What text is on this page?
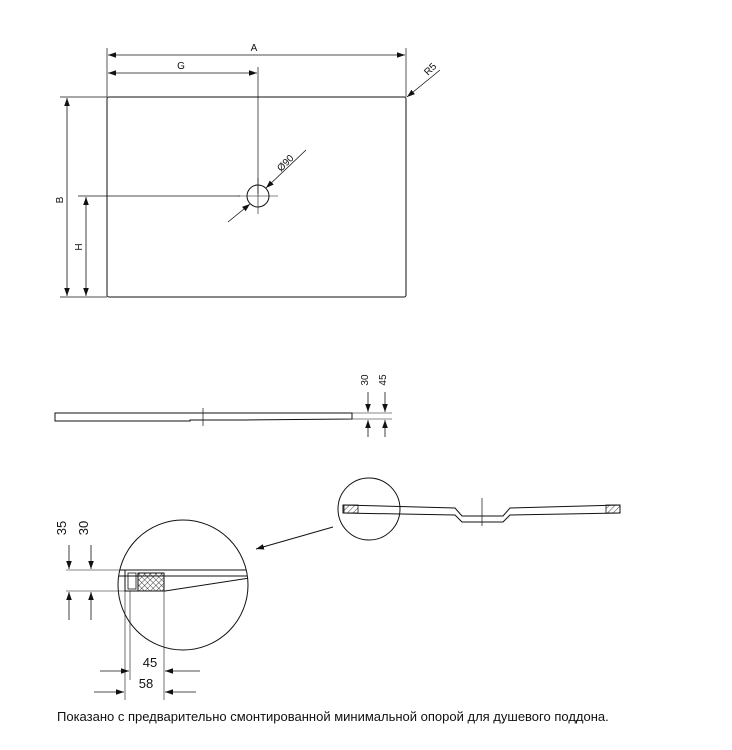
A
G	R5
Ø90
B
H
30 45
35 30
45
58
Показано с предварительно смонтированной минимальной опорой для душевого поддона.
